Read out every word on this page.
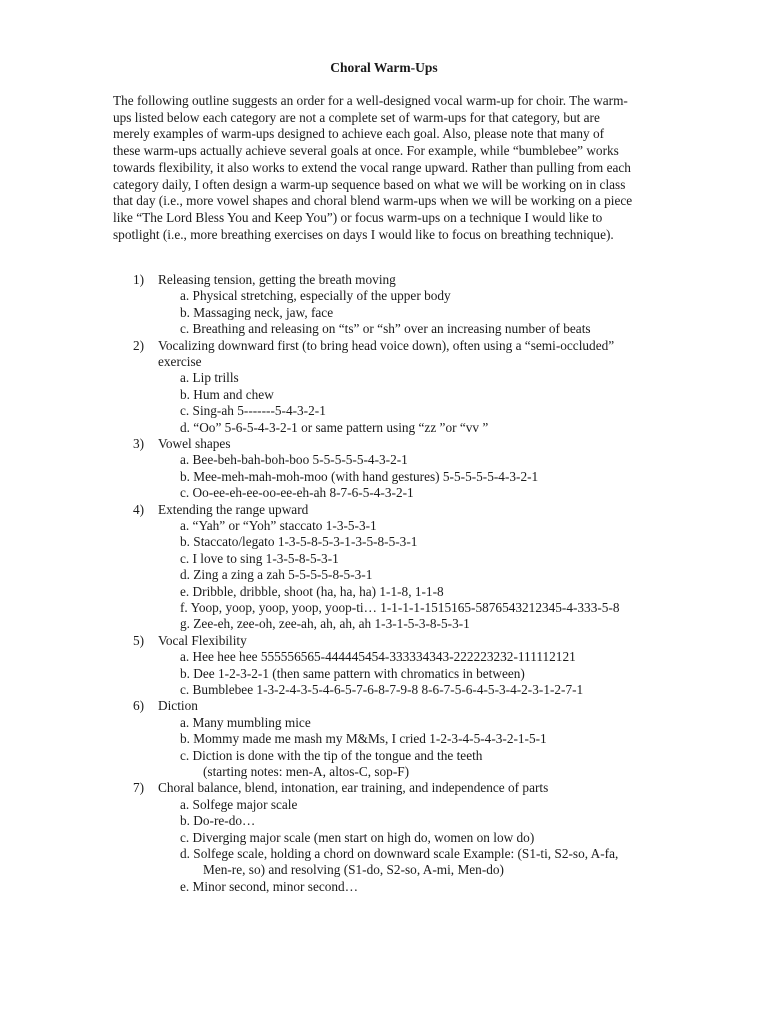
Choral Warm-Ups
The following outline suggests an order for a well-designed vocal warm-up for choir. The warm-
ups listed below each category are not a complete set of warm-ups for that category, but are
merely examples of warm-ups designed to achieve each goal. Also, please note that many of
these warm-ups actually achieve several goals at once. For example, while “bumblebee” works
towards flexibility, it also works to extend the vocal range upward. Rather than pulling from each
category daily, I often design a warm-up sequence based on what we will be working on in class
that day (i.e., more vowel shapes and choral blend warm-ups when we will be working on a piece
like “The Lord Bless You and Keep You”) or focus warm-ups on a technique I would like to
spotlight (i.e., more breathing exercises on days I would like to focus on breathing technique).
1) Releasing tension, getting the breath moving
a. Physical stretching, especially of the upper body
b. Massaging neck, jaw, face
c. Breathing and releasing on “ts” or “sh” over an increasing number of beats
2) Vocalizing downward first (to bring head voice down), often using a “semi-occluded”
exercise
a. Lip trills
b. Hum and chew
c. Sing-ah 5-------5-4-3-2-1
d. “Oo” 5-6-5-4-3-2-1 or same pattern using “zz ”or “vv ”
3) Vowel shapes
a. Bee-beh-bah-boh-boo 5-5-5-5-5-4-3-2-1
b. Mee-meh-mah-moh-moo (with hand gestures) 5-5-5-5-5-4-3-2-1
c. Oo-ee-eh-ee-oo-ee-eh-ah 8-7-6-5-4-3-2-1
4) Extending the range upward
a. “Yah” or “Yoh” staccato 1-3-5-3-1
b. Staccato/legato 1-3-5-8-5-3-1-3-5-8-5-3-1
c. I love to sing 1-3-5-8-5-3-1
d. Zing a zing a zah 5-5-5-5-8-5-3-1
e. Dribble, dribble, shoot (ha, ha, ha) 1-1-8, 1-1-8
f. Yoop, yoop, yoop, yoop, yoop-ti… 1-1-1-1-1515165-5876543212345-4-333-5-8
g. Zee-eh, zee-oh, zee-ah, ah, ah, ah 1-3-1-5-3-8-5-3-1
5) Vocal Flexibility
a. Hee hee hee 555556565-444445454-333334343-222223232-111112121
b. Dee 1-2-3-2-1 (then same pattern with chromatics in between)
c. Bumblebee 1-3-2-4-3-5-4-6-5-7-6-8-7-9-8 8-6-7-5-6-4-5-3-4-2-3-1-2-7-1
6) Diction
a. Many mumbling mice
b. Mommy made me mash my M&Ms, I cried 1-2-3-4-5-4-3-2-1-5-1
c. Diction is done with the tip of the tongue and the teeth
(starting notes: men-A, altos-C, sop-F)
7) Choral balance, blend, intonation, ear training, and independence of parts
a. Solfege major scale
b. Do-re-do…
c. Diverging major scale (men start on high do, women on low do)
d. Solfege scale, holding a chord on downward scale Example: (S1-ti, S2-so, A-fa,
Men-re, so) and resolving (S1-do, S2-so, A-mi, Men-do)
e. Minor second, minor second…
